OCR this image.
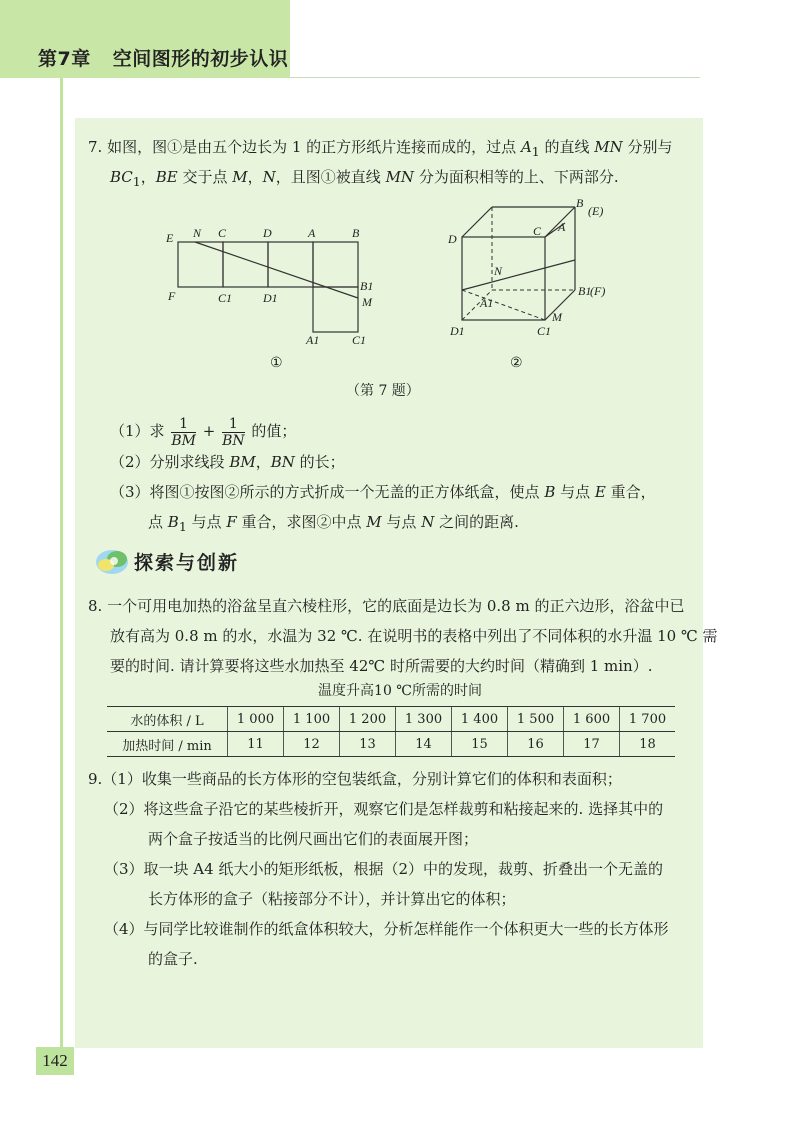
第7章 空间图形的初步认识
142
7. 如图，图①是由五个边长为 1 的正方形纸片连接而成的，过点 $A_1$ 的直线 MN 分别与
$BC_1$，BE 交于点 M，N，且图①被直线 MN 分为面积相等的上、下两部分.
E N C	D	A	B
F	C1	D1
B1
M
A1	C1
B
(E)
D
C A
D1	C1
A1
B1
(F)
M
N
①	②
（第 7 题）
（1）求 $\frac{1}{BM} + \frac{1}{BN}$ 的值；
（2）分别求线段 BM，BN 的长；
（3）将图①按图②所示的方式折成一个无盖的正方体纸盒，使点 B 与点 E 重合，
点 $B_1$ 与点 F 重合，求图②中点 M 与点 N 之间的距离.
探索与创新
8. 一个可用电加热的浴盆呈直六棱柱形，它的底面是边长为 0.8 m 的正六边形，浴盆中已
放有高为 0.8 m 的水，水温为 32 ℃. 在说明书的表格中列出了不同体积的水升温 10 ℃ 需
要的时间. 请计算要将这些水加热至 42℃ 时所需要的大约时间（精确到 1 min）.
温度升高10 ℃所需的时间
水的体积 / L	1 000	1 100	1 200	1 300	1 400	1 500	1 600	1 700
加热时间 / min	11	12	13	14	15	16	17	18
9.（1）收集一些商品的长方体形的空包装纸盒，分别计算它们的体积和表面积；
（2）将这些盒子沿它的某些棱折开，观察它们是怎样裁剪和粘接起来的. 选择其中的
两个盒子按适当的比例尺画出它们的表面展开图；
（3）取一块 A4 纸大小的矩形纸板，根据（2）中的发现，裁剪、折叠出一个无盖的
长方体形的盒子（粘接部分不计），并计算出它的体积；
（4）与同学比较谁制作的纸盒体积较大，分析怎样能作一个体积更大一些的长方体形
的盒子.
